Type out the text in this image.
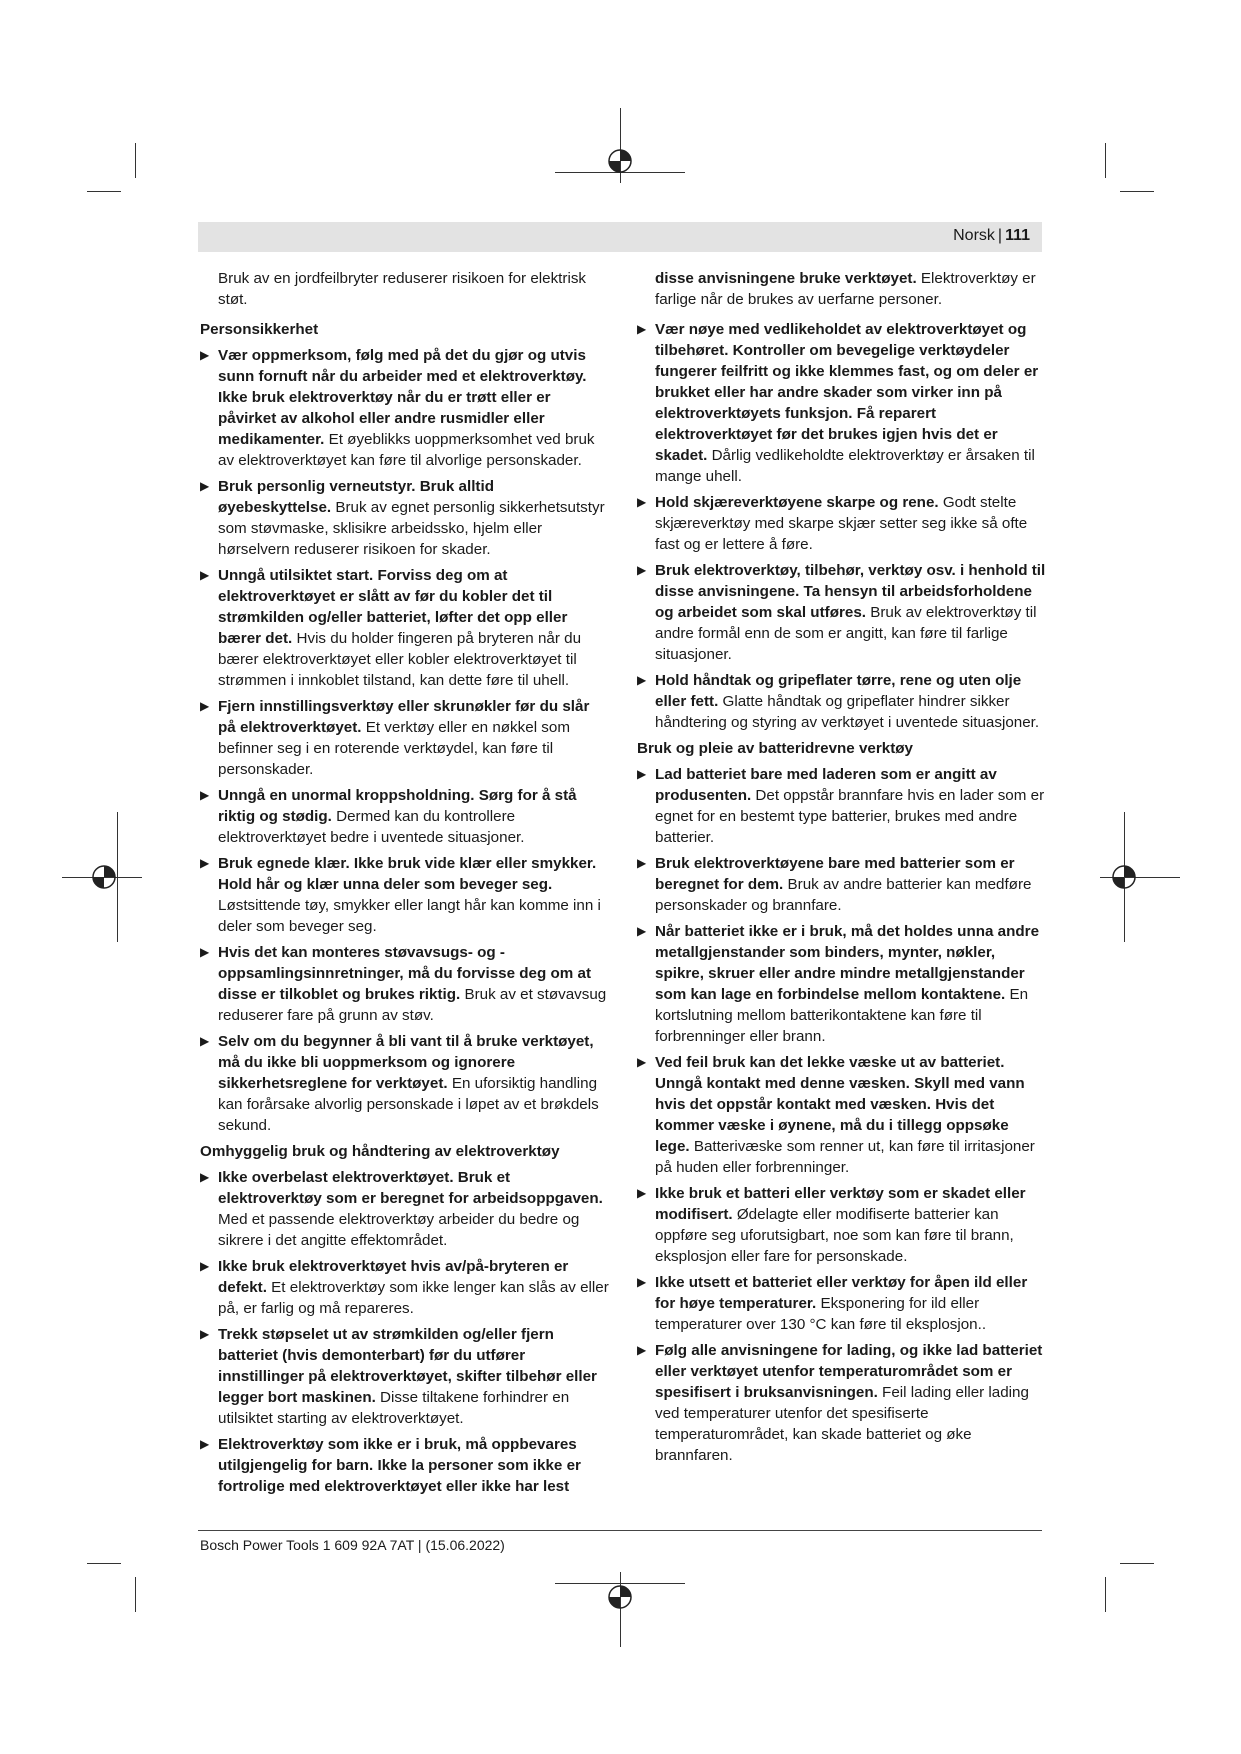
Norsk | 111

Bruk av en jordfeilbryter reduserer risikoen for elektrisk støt.

Personsikkerhet

▶ Vær oppmerksom, følg med på det du gjør og utvis sunn fornuft når du arbeider med et elektroverktøy. Ikke bruk elektroverktøy når du er trøtt eller er påvirket av alkohol eller andre rusmidler eller medikamenter. Et øyeblikks uoppmerksomhet ved bruk av elektroverktøyet kan føre til alvorlige personskader.
▶ Bruk personlig verneutstyr. Bruk alltid øyebeskyttelse. Bruk av egnet personlig sikkerhetsutstyr som støvmaske, sklisikre arbeidssko, hjelm eller hørselvern reduserer risikoen for skader.
▶ Unngå utilsiktet start. Forviss deg om at elektroverktøyet er slått av før du kobler det til strømkilden og/eller batteriet, løfter det opp eller bærer det. Hvis du holder fingeren på bryteren når du bærer elektroverktøyet eller kobler elektroverktøyet til strømmen i innkoblet tilstand, kan dette føre til uhell.
▶ Fjern innstillingsverktøy eller skrunøkler før du slår på elektroverktøyet. Et verktøy eller en nøkkel som befinner seg i en roterende verktøydel, kan føre til personskader.
▶ Unngå en unormal kroppsholdning. Sørg for å stå riktig og stødig. Dermed kan du kontrollere elektroverktøyet bedre i uventede situasjoner.
▶ Bruk egnede klær. Ikke bruk vide klær eller smykker. Hold hår og klær unna deler som beveger seg. Løstsittende tøy, smykker eller langt hår kan komme inn i deler som beveger seg.
▶ Hvis det kan monteres støvavsugs- og -oppsamlingsinnretninger, må du forvisse deg om at disse er tilkoblet og brukes riktig. Bruk av et støvavsug reduserer fare på grunn av støv.
▶ Selv om du begynner å bli vant til å bruke verktøyet, må du ikke bli uoppmerksom og ignorere sikkerhetsreglene for verktøyet. En uforsiktig handling kan forårsake alvorlig personskade i løpet av et brøkdels sekund.

Omhyggelig bruk og håndtering av elektroverktøy

▶ Ikke overbelast elektroverktøyet. Bruk et elektroverktøy som er beregnet for arbeidsoppgaven. Med et passende elektroverktøy arbeider du bedre og sikrere i det angitte effektområdet.
▶ Ikke bruk elektroverktøyet hvis av/på-bryteren er defekt. Et elektroverktøy som ikke lenger kan slås av eller på, er farlig og må repareres.
▶ Trekk støpselet ut av strømkilden og/eller fjern batteriet (hvis demonterbart) før du utfører innstillinger på elektroverktøyet, skifter tilbehør eller legger bort maskinen. Disse tiltakene forhindrer en utilsiktet starting av elektroverktøyet.
▶ Elektroverktøy som ikke er i bruk, må oppbevares utilgjengelig for barn. Ikke la personer som ikke er fortrolige med elektroverktøyet eller ikke har lest

disse anvisningene bruke verktøyet. Elektroverktøy er farlige når de brukes av uerfarne personer.

▶ Vær nøye med vedlikeholdet av elektroverktøyet og tilbehøret. Kontroller om bevegelige verktøydeler fungerer feilfritt og ikke klemmes fast, og om deler er brukket eller har andre skader som virker inn på elektroverktøyets funksjon. Få reparert elektroverktøyet før det brukes igjen hvis det er skadet. Dårlig vedlikeholdte elektroverktøy er årsaken til mange uhell.
▶ Hold skjæreverktøyene skarpe og rene. Godt stelte skjæreverktøy med skarpe skjær setter seg ikke så ofte fast og er lettere å føre.
▶ Bruk elektroverktøy, tilbehør, verktøy osv. i henhold til disse anvisningene. Ta hensyn til arbeidsforholdene og arbeidet som skal utføres. Bruk av elektroverktøy til andre formål enn de som er angitt, kan føre til farlige situasjoner.
▶ Hold håndtak og gripeflater tørre, rene og uten olje eller fett. Glatte håndtak og gripeflater hindrer sikker håndtering og styring av verktøyet i uventede situasjoner.

Bruk og pleie av batteridrevne verktøy

▶ Lad batteriet bare med laderen som er angitt av produsenten. Det oppstår brannfare hvis en lader som er egnet for en bestemt type batterier, brukes med andre batterier.
▶ Bruk elektroverktøyene bare med batterier som er beregnet for dem. Bruk av andre batterier kan medføre personskader og brannfare.
▶ Når batteriet ikke er i bruk, må det holdes unna andre metallgjenstander som binders, mynter, nøkler, spikre, skruer eller andre mindre metallgjenstander som kan lage en forbindelse mellom kontaktene. En kortslutning mellom batterikontaktene kan føre til forbrenninger eller brann.
▶ Ved feil bruk kan det lekke væske ut av batteriet. Unngå kontakt med denne væsken. Skyll med vann hvis det oppstår kontakt med væsken. Hvis det kommer væske i øynene, må du i tillegg oppsøke lege. Batterivæske som renner ut, kan føre til irritasjoner på huden eller forbrenninger.
▶ Ikke bruk et batteri eller verktøy som er skadet eller modifisert. Ødelagte eller modifiserte batterier kan oppføre seg uforutsigbart, noe som kan føre til brann, eksplosjon eller fare for personskade.
▶ Ikke utsett et batteriet eller verktøy for åpen ild eller for høye temperaturer. Eksponering for ild eller temperaturer over 130 °C kan føre til eksplosjon..
▶ Følg alle anvisningene for lading, og ikke lad batteriet eller verktøyet utenfor temperaturområdet som er spesifisert i bruksanvisningen. Feil lading eller lading ved temperaturer utenfor det spesifiserte temperaturområdet, kan skade batteriet og øke brannfaren.
Bosch Power Tools 1 609 92A 7AT | (15.06.2022)
